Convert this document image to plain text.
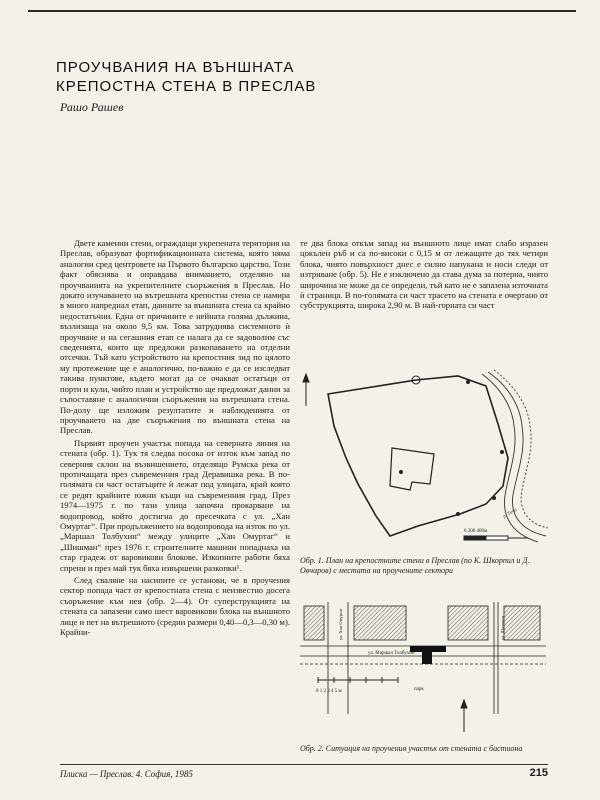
ПРОУЧВАНИЯ НА ВЪНШНАТА
КРЕПОСТНА СТЕНА В ПРЕСЛАВ
Рашо Рашев

Двете каменни стени, ограждащи укрепената територия на Преслав, образуват фортификационната система, която няма аналогии сред центровете на Първото българско царство. Този факт обяснява и оправдава вниманието, отделяно на проучванията на укрепителните съоръжения в Преслав. Но докато изучаването на вътрешната крепостна стена се намира в много напреднал етап, данните за външната стена са крайно недостатъчни. Една от причините е нейната голяма дължина, възлизаща на около 9,5 км. Това затруднява системното ѝ проучване и на сегашния етап се налага да се задоволим със сведенията, които ще предложи разкопаването на отделни отсечки. Тъй като устройството на крепостния зид по цялото му протежение ще е аналогично, по-важно е да се изследват такива пунктове, където могат да се очакват остатъци от порти и кули, чийто план и устройство ще предложат данни за съпоставяне с аналогични съоръжения на вътрешната стена. По-долу ще изложим резултатите и наблюденията от проучването на две съоръжения по външната стена на Преслав.

Първият проучен участък попада на северната линия на стената (обр. 1). Тук тя следва посока от изток към запад по северния склон на възвишението, отделящо Румска река от протичащата през съвременния град Деравишка река. В по-голямата си част остатъците ѝ лежат под улицата, край която се редят крайните южни къщи на съвременния град. През 1974—1975 г. по тази улица започна прокарване на водопровод, който достигна до пресечката с ул. „Хан Омуртаг“. При продължението на водопровода на изток по ул. „Маршал Толбухин“ между улиците „Хан Омуртаг“ и „Шишман“ през 1976 г. строителните машини попаднаха на стар градеж от варовикови блокове. Изкопните работи бяха спрени и през май тук бяха извършени разкопки¹.

След сваляне на насипите се установи, че в проучения сектор попада част от крепостната стена с неизвестно досега съоръжение към нея (обр. 2—4). От суперструкцията на стената са запазени само шест варовикови блока на външното лице и пет на вътрешното (средни размери 0,40—0,3—0,30 м). Крайни-

те два блока откъм запад на външното лице имат слабо изразен цокълен ръб и са по-високи с 0,15 м от лежащите до тях четири блока, чиято повърхност днес е силно напукана и носи следи от изтриване (обр. 5). Не е изключено да става дума за потерна, чиято широчина не може да се определи, тъй като не е запазена източната ѝ страница. В по-голямата си част трасето на стената е очертано от субструкцията, широка 2,90 м. В най-горната си част

р. Тича
0 200 400м
Обр. 1. План на крепостните стени в Преслав (по К. Шкорпил и Д. Овчаров) с местата на проучените сектори
ул. Маршал Толбухин
ул. Хан Омуртаг	ул. Шишман
парк
0 1 2 3 4 5 м
Обр. 2. Ситуация на проучения участък от стената с бастиона
Плиска — Преслав. 4. София, 1985	215
